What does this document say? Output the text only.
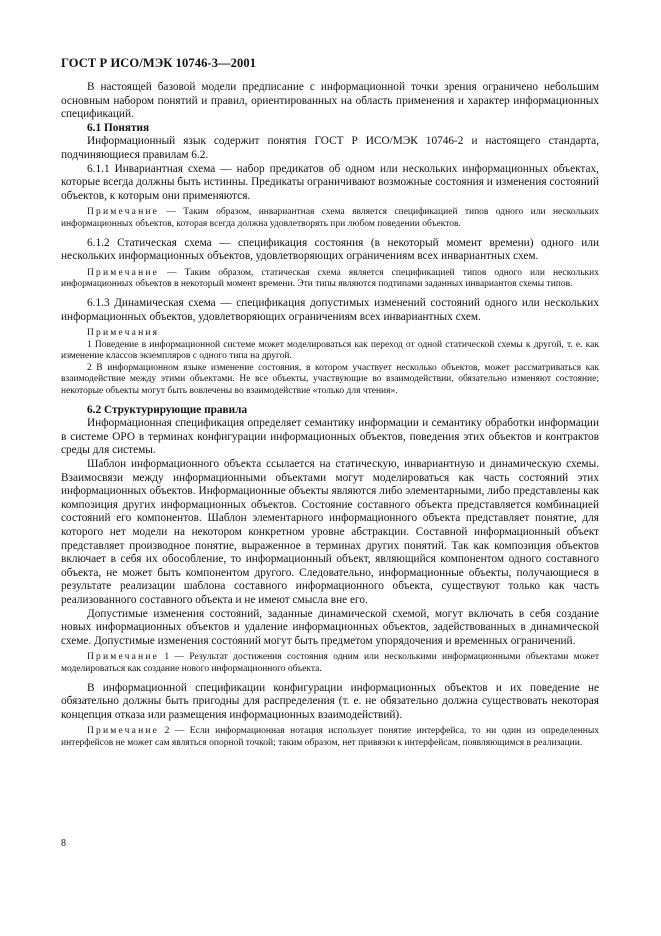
ГОСТ Р ИСО/МЭК 10746-3—2001

В настоящей базовой модели предписание с информационной точки зрения ограничено небольшим основным набором понятий и правил, ориентированных на область применения и характер информационных спецификаций.

6.1 Понятия

Информационный язык содержит понятия ГОСТ Р ИСО/МЭК 10746-2 и настоящего стандарта, подчиняющиеся правилам 6.2.

6.1.1 Инвариантная схема — набор предикатов об одном или нескольких информационных объектах, которые всегда должны быть истинны. Предикаты ограничивают возможные состояния и изменения состояний объектов, к которым они применяются.

Примечание — Таким образом, инвариантная схема является спецификацией типов одного или нескольких информационных объектов, которая всегда должна удовлетворять при любом поведении объектов.

6.1.2 Статическая схема — спецификация состояния (в некоторый момент времени) одного или нескольких информационных объектов, удовлетворяющих ограничениям всех инвариантных схем.

Примечание — Таким образом, статическая схема является спецификацией типов одного или нескольких информационных объектов в некоторый момент времени. Эти типы являются подтипами заданных инвариантов схемы типов.

6.1.3 Динамическая схема — спецификация допустимых изменений состояний одного или нескольких информационных объектов, удовлетворяющих ограничениям всех инвариантных схем.

Примечания

1 Поведение в информационной системе может моделироваться как переход от одной статической схемы к другой, т. е. как изменение классов экземпляров с одного типа на другой.

2 В информационном языке изменение состояния, в котором участвует несколько объектов, может рассматриваться как взаимодействие между этими объектами. Не все объекты, участвующие во взаимодействии, обязательно изменяют состояние; некоторые объекты могут быть вовлечены во взаимодействие «только для чтения».

6.2 Структурирующие правила

Информационная спецификация определяет семантику информации и семантику обработки информации в системе ОРО в терминах конфигурации информационных объектов, поведения этих объектов и контрактов среды для системы.

Шаблон информационного объекта ссылается на статическую, инвариантную и динамическую схемы. Взаимосвязи между информационными объектами могут моделироваться как часть состояний этих информационных объектов. Информационные объекты являются либо элементарными, либо представлены как композиция других информационных объектов. Состояние составного объекта представляется комбинацией состояний его компонентов. Шаблон элементарного информационного объекта представляет понятие, для которого нет модели на некотором конкретном уровне абстракции. Составной информационный объект представляет производное понятие, выраженное в терминах других понятий. Так как композиция объектов включает в себя их обособление, то информационный объект, являющийся компонентом одного составного объекта, не может быть компонентом другого. Следовательно, информационные объекты, получающиеся в результате реализации шаблона составного информационного объекта, существуют только как часть реализованного составного объекта и не имеют смысла вне его.

Допустимые изменения состояний, заданные динамической схемой, могут включать в себя создание новых информационных объектов и удаление информационных объектов, задействованных в динамической схеме. Допустимые изменения состояний могут быть предметом упорядочения и временных ограничений.

Примечание 1 — Результат достижения состояния одним или несколькими информационными объектами может моделироваться как создание нового информационного объекта.

В информационной спецификации конфигурации информационных объектов и их поведение не обязательно должны быть пригодны для распределения (т. е. не обязательно должна существовать некоторая концепция отказа или размещения информационных взаимодействий).

Примечание 2 — Если информационная нотация использует понятие интерфейса, то ни один из определенных интерфейсов не может сам являться опорной точкой; таким образом, нет привязки к интерфейсам, появляющимся в реализации.

8
